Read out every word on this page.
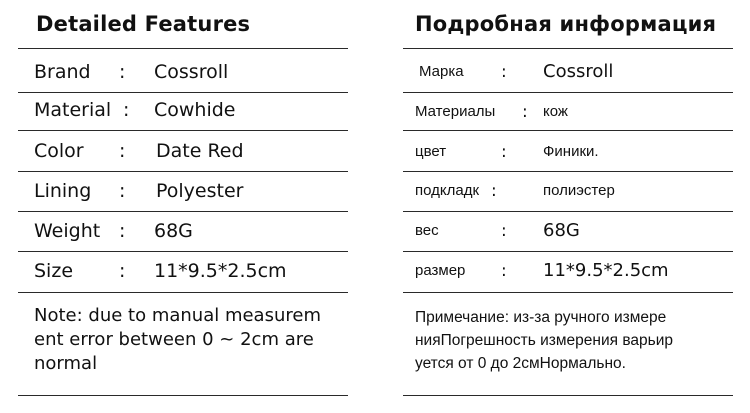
Detailed Features
Brand : Cossroll
Material : Cowhide
Color : Date Red
Lining : Polyester
Weight : 68G
Size : 11*9.5*2.5cm
Note: due to manual measurem
ent error between 0 ~ 2cm are
normal
Подробная информация
Марка : Cossroll
Материалы : кож
цвет	: Финики.
подкладк :	полиэстер
вес	: 68G
размер : 11*9.5*2.5cm
Примечание: из-за ручного измере
нияПогрешность измерения варьир
уется от 0 до 2смНормально.
